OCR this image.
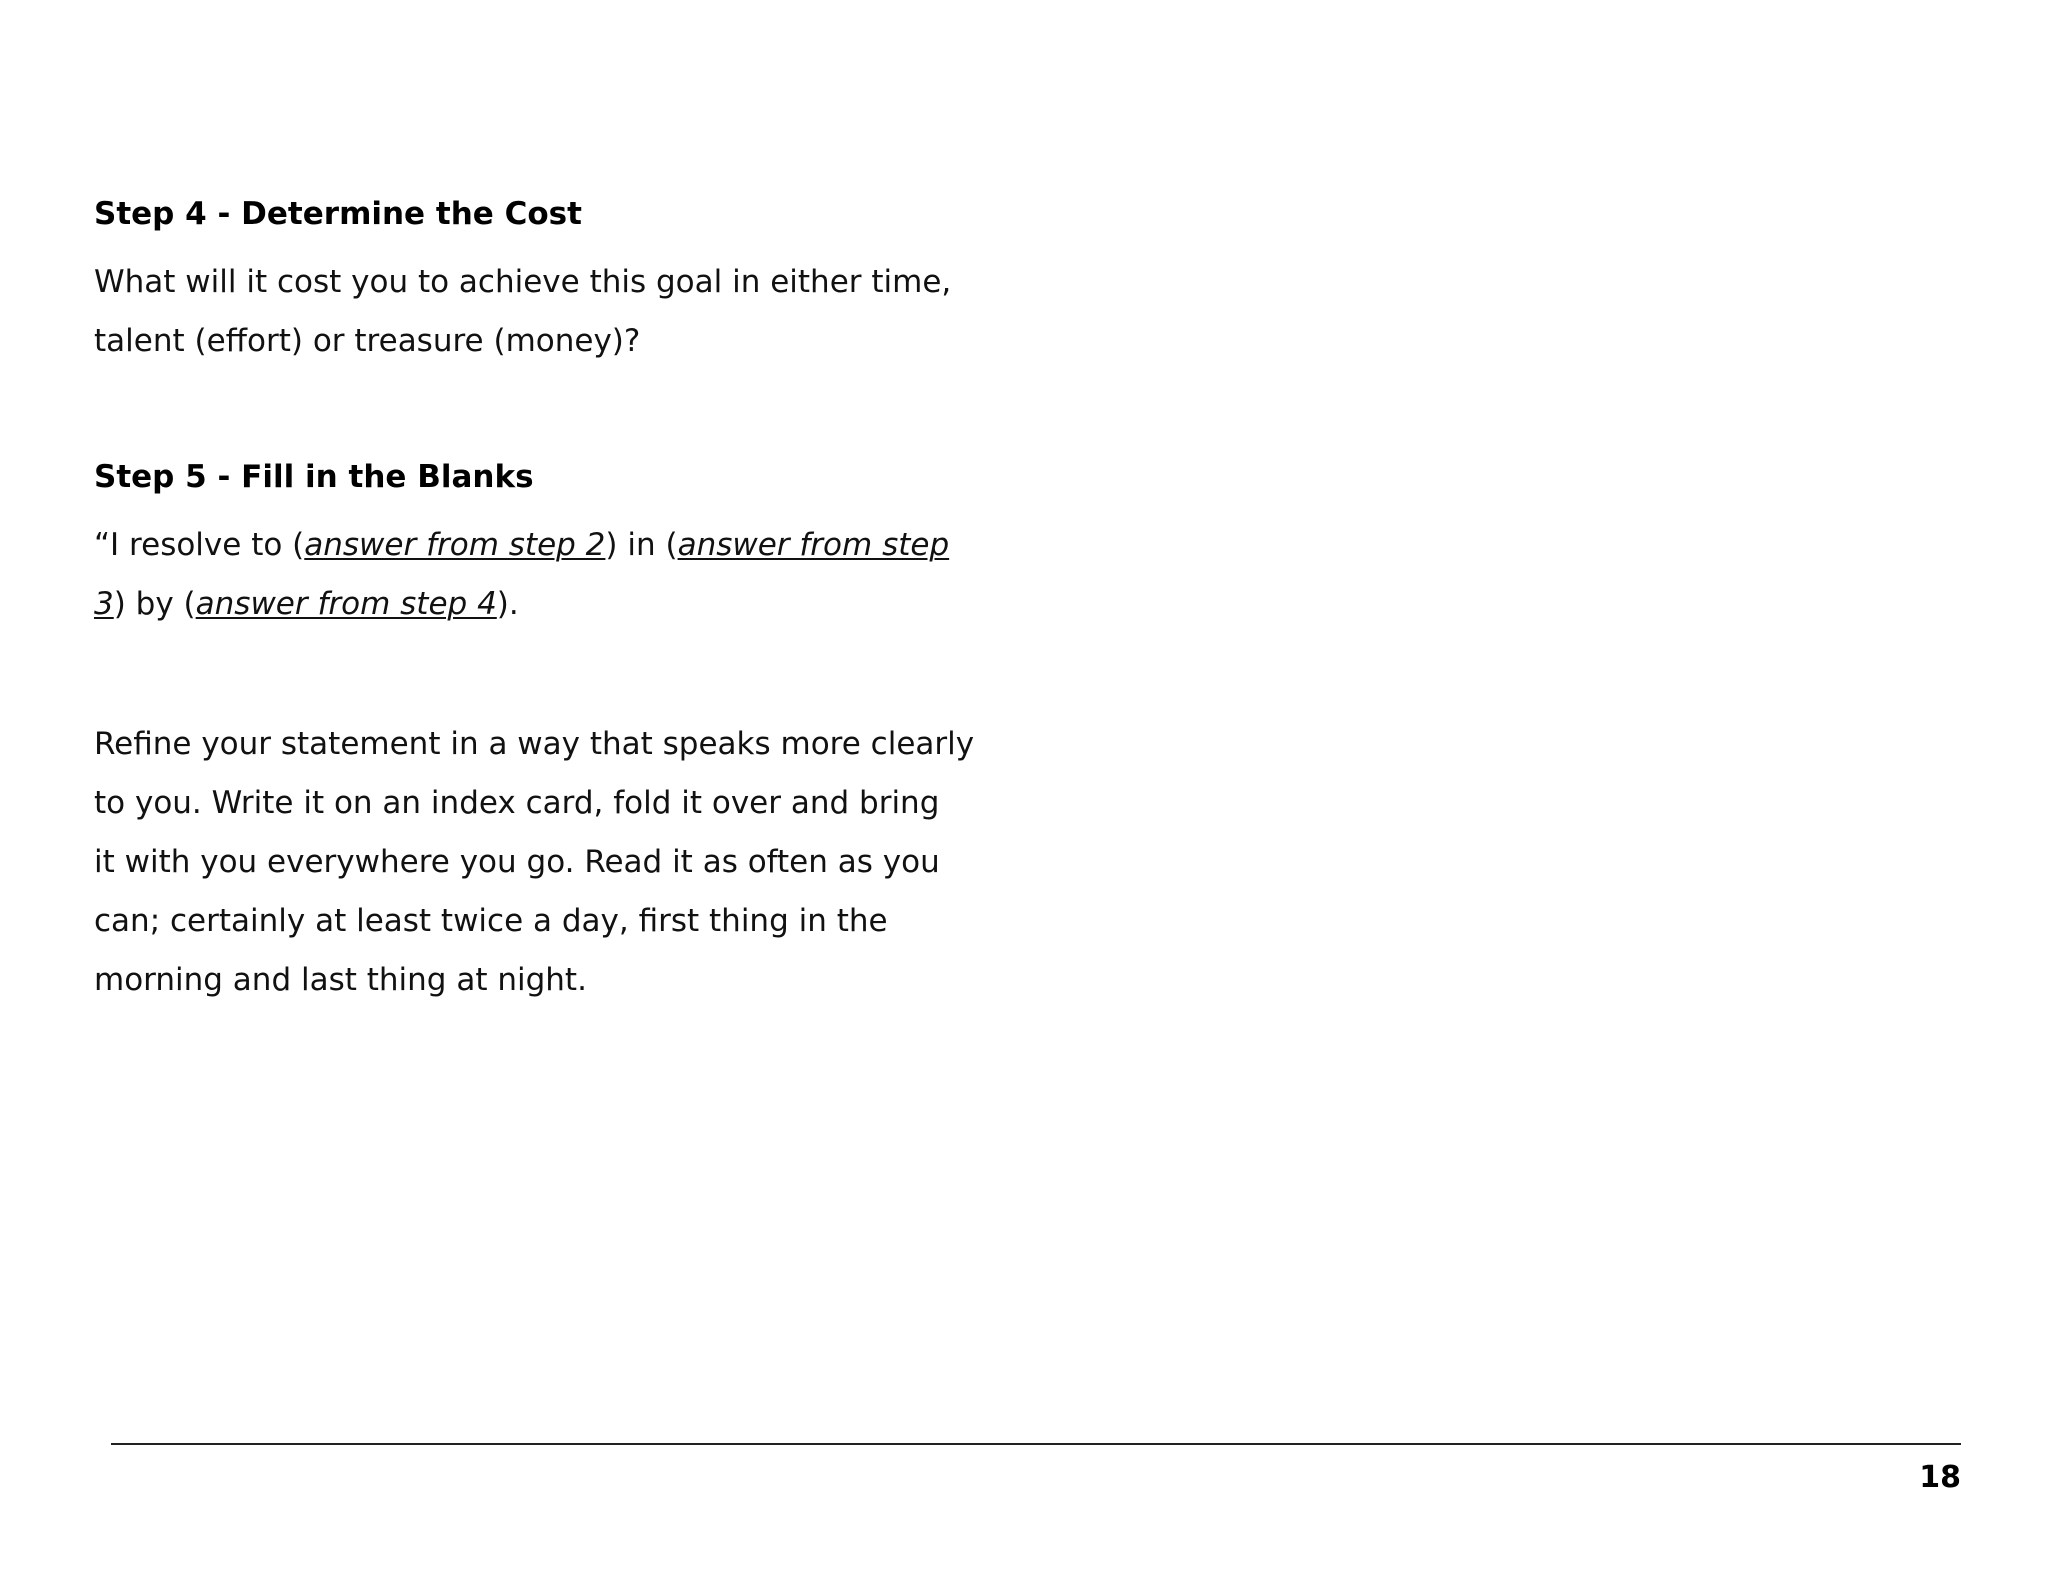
Step 4 - Determine the Cost

What will it cost you to achieve this goal in either time,
talent (effort) or treasure (money)?

Step 5 - Fill in the Blanks

“I resolve to (answer from step 2) in (answer from step
3) by (answer from step 4).

Refine your statement in a way that speaks more clearly
to you. Write it on an index card, fold it over and bring
it with you everywhere you go. Read it as often as you
can; certainly at least twice a day, first thing in the
morning and last thing at night.

18
